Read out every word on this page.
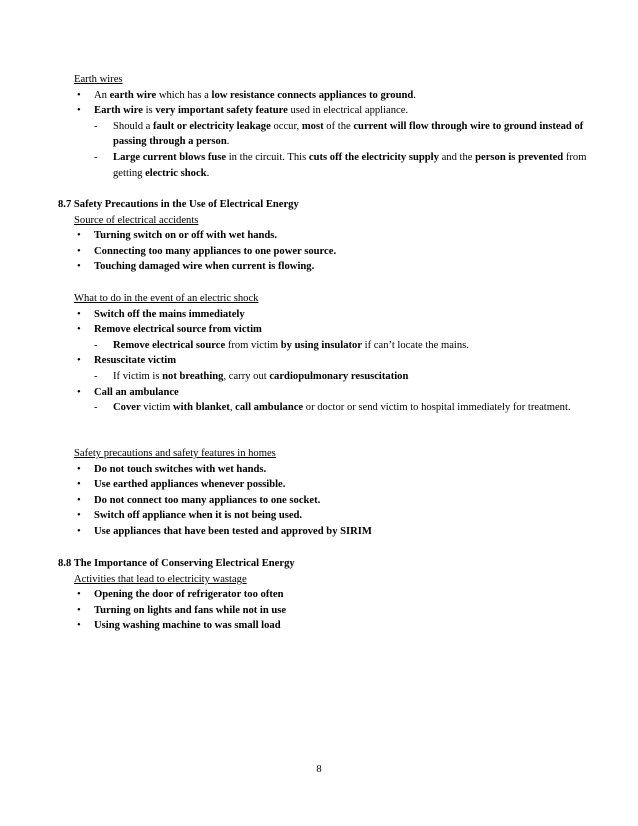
Earth wires
• An earth wire which has a low resistance connects appliances to ground.
• Earth wire is very important safety feature used in electrical appliance.
- Should a fault or electricity leakage occur, most of the current will flow through wire to ground instead of passing through a person.
- Large current blows fuse in the circuit. This cuts off the electricity supply and the person is prevented from getting electric shock.
8.7 Safety Precautions in the Use of Electrical Energy
Source of electrical accidents
• Turning switch on or off with wet hands.
• Connecting too many appliances to one power source.
• Touching damaged wire when current is flowing.
What to do in the event of an electric shock
• Switch off the mains immediately
• Remove electrical source from victim
- Remove electrical source from victim by using insulator if can’t locate the mains.
• Resuscitate victim
- If victim is not breathing, carry out cardiopulmonary resuscitation
• Call an ambulance
- Cover victim with blanket, call ambulance or doctor or send victim to hospital immediately for treatment.
Safety precautions and safety features in homes
• Do not touch switches with wet hands.
• Use earthed appliances whenever possible.
• Do not connect too many appliances to one socket.
• Switch off appliance when it is not being used.
• Use appliances that have been tested and approved by SIRIM
8.8 The Importance of Conserving Electrical Energy
Activities that lead to electricity wastage
• Opening the door of refrigerator too often
• Turning on lights and fans while not in use
• Using washing machine to was small load
8
